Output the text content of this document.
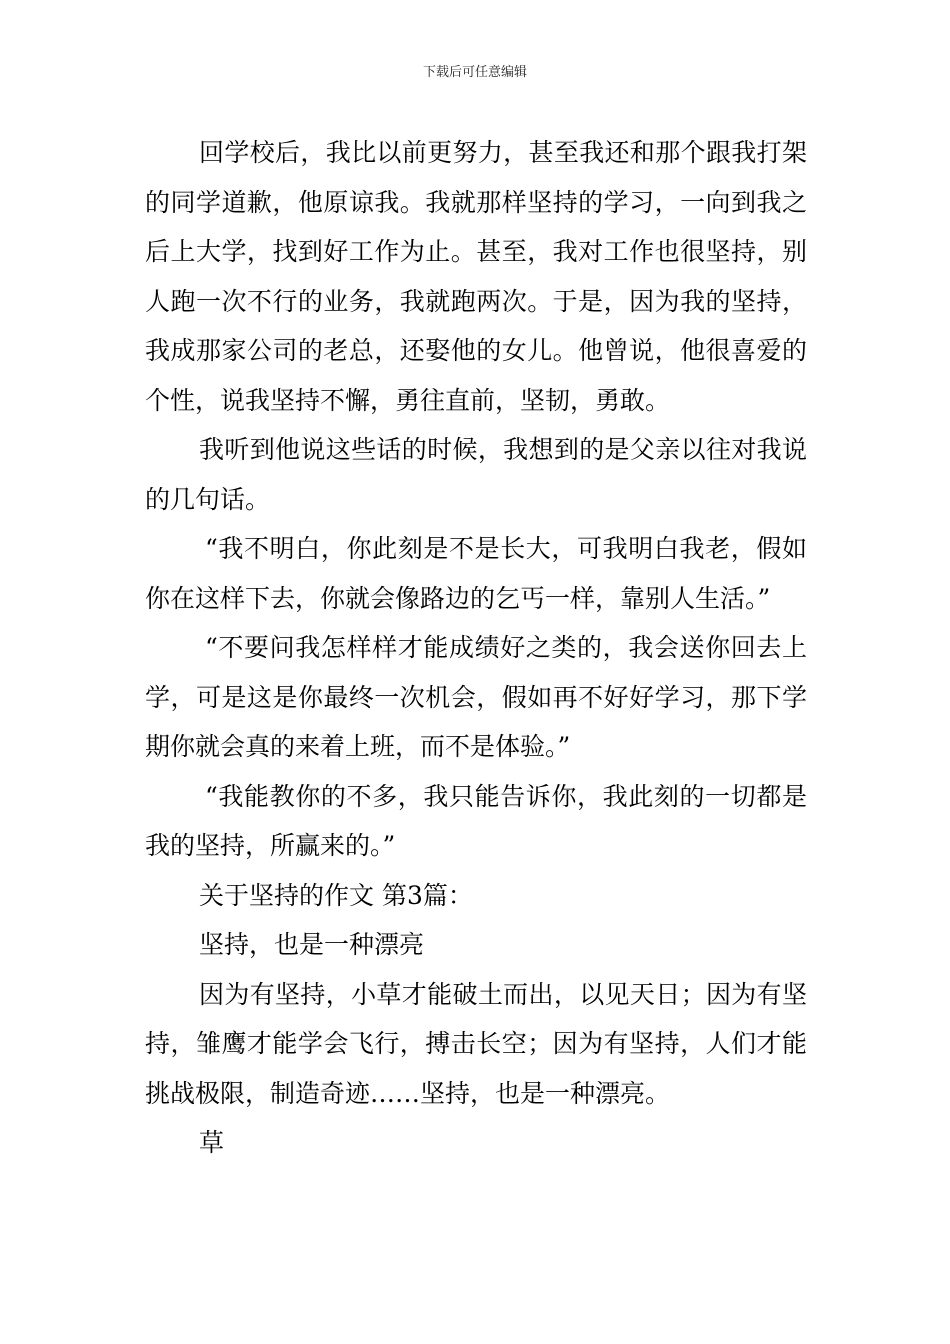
下载后可任意编辑

回学校后，我比以前更努力，甚至我还和那个跟我打架的同学道歉，他原谅我。我就那样坚持的学习，一向到我之后上大学，找到好工作为止。甚至，我对工作也很坚持，别人跑一次不行的业务，我就跑两次。于是，因为我的坚持，我成那家公司的老总，还娶他的女儿。他曾说，他很喜爱的个性，说我坚持不懈，勇往直前，坚韧，勇敢。

我听到他说这些话的时候，我想到的是父亲以往对我说的几句话。

“我不明白，你此刻是不是长大，可我明白我老，假如你在这样下去，你就会像路边的乞丐一样，靠别人生活。”

“不要问我怎样样才能成绩好之类的，我会送你回去上学，可是这是你最终一次机会，假如再不好好学习，那下学期你就会真的来着上班，而不是体验。”

“我能教你的不多，我只能告诉你，我此刻的一切都是我的坚持，所赢来的。”

关于坚持的作文 第3篇：

坚持，也是一种漂亮

因为有坚持，小草才能破土而出，以见天日；因为有坚持，雏鹰才能学会飞行，搏击长空；因为有坚持，人们才能挑战极限，制造奇迹……坚持，也是一种漂亮。

草
